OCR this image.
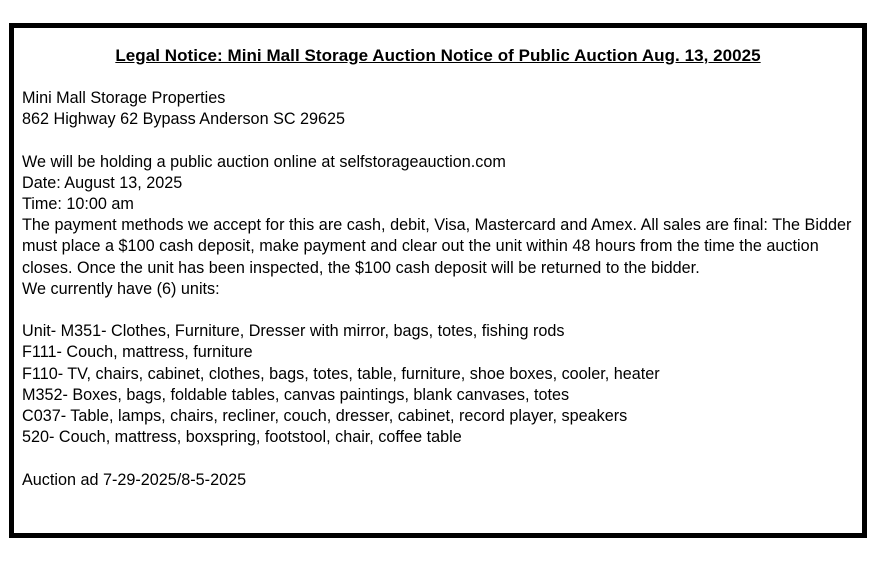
Legal Notice: Mini Mall Storage Auction Notice of Public Auction Aug. 13, 20025
Mini Mall Storage Properties
862 Highway 62 Bypass Anderson SC 29625
We will be holding a public auction online at selfstorageauction.com
Date: August 13, 2025
Time: 10:00 am
The payment methods we accept for this are cash, debit, Visa, Mastercard and Amex. All sales are final: The Bidder must place a $100 cash deposit, make payment and clear out the unit within 48 hours from the time the auction closes. Once the unit has been inspected, the $100 cash deposit will be returned to the bidder.
We currently have (6) units:
Unit- M351- Clothes, Furniture, Dresser with mirror, bags, totes, fishing rods
F111- Couch, mattress, furniture
F110- TV, chairs, cabinet, clothes, bags, totes, table, furniture, shoe boxes, cooler, heater
M352- Boxes, bags, foldable tables, canvas paintings, blank canvases, totes
C037- Table, lamps, chairs, recliner, couch, dresser, cabinet, record player, speakers
520- Couch, mattress, boxspring, footstool, chair, coffee table
Auction ad 7-29-2025/8-5-2025
